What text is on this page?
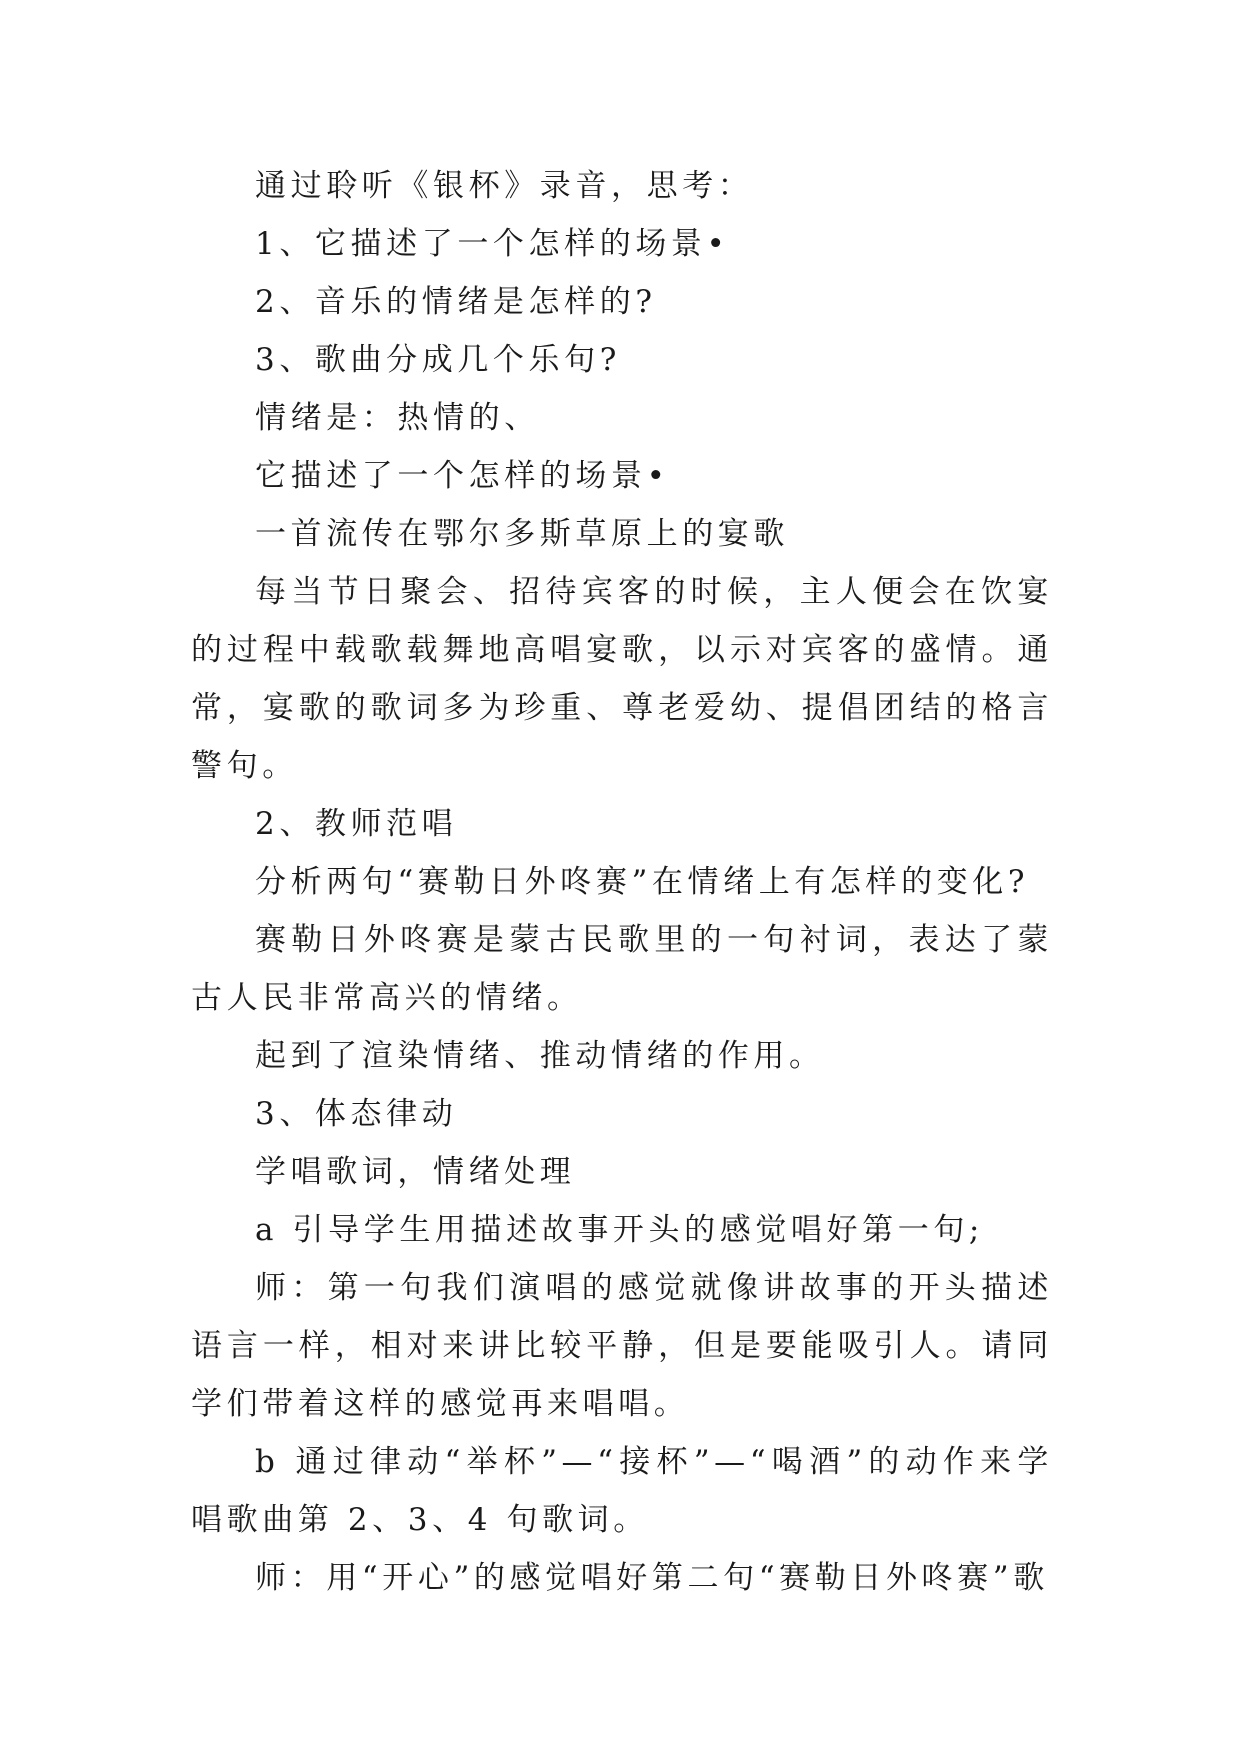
通过聆听《银杯》录音，思考：

1、它描述了一个怎样的场景•

2、音乐的情绪是怎样的?

3、歌曲分成几个乐句?

情绪是：热情的、

它描述了一个怎样的场景•

一首流传在鄂尔多斯草原上的宴歌

每当节日聚会、招待宾客的时候，主人便会在饮宴的过程中载歌载舞地高唱宴歌，以示对宾客的盛情。通常，宴歌的歌词多为珍重、尊老爱幼、提倡团结的格言警句。

2、教师范唱

分析两句“赛勒日外咚赛”在情绪上有怎样的变化?

赛勒日外咚赛是蒙古民歌里的一句衬词，表达了蒙古人民非常高兴的情绪。

起到了渲染情绪、推动情绪的作用。

3、体态律动

学唱歌词，情绪处理

a 引导学生用描述故事开头的感觉唱好第一句;

师：第一句我们演唱的感觉就像讲故事的开头描述语言一样，相对来讲比较平静，但是要能吸引人。请同学们带着这样的感觉再来唱唱。

b 通过律动“举杯”—“接杯”—“喝酒”的动作来学唱歌曲第 2、3、4 句歌词。

师：用“开心”的感觉唱好第二句“赛勒日外咚赛”歌
